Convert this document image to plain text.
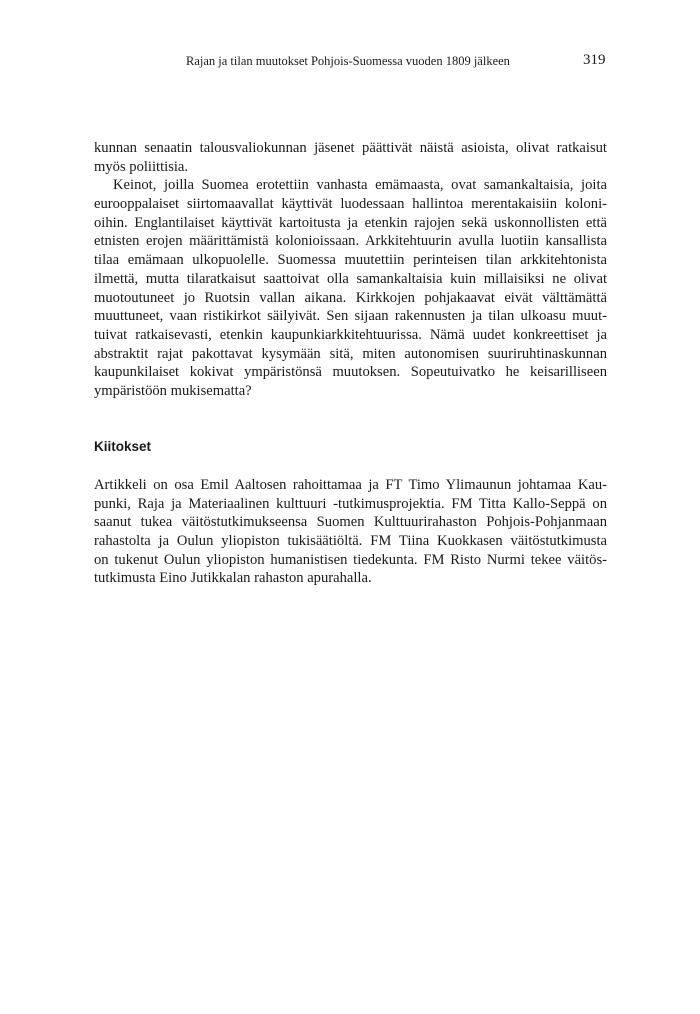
Rajan ja tilan muutokset Pohjois-Suomessa vuoden 1809 jälkeen	319
kunnan senaatin talousvaliokunnan jäsenet päättivät näistä asioista, olivat ratkaisut
myös poliittisia.
Keinot, joilla Suomea erotettiin vanhasta emämaasta, ovat samankaltaisia, joita
eurooppalaiset siirtomaavallat käyttivät luodessaan hallintoa merentakaisiin koloni-
oihin. Englantilaiset käyttivät kartoitusta ja etenkin rajojen sekä uskonnollisten että
etnisten erojen määrittämistä kolonioissaan. Arkkitehtuurin avulla luotiin kansallista
tilaa emämaan ulkopuolelle. Suomessa muutettiin perinteisen tilan arkkitehtonista
ilmettä, mutta tilaratkaisut saattoivat olla samankaltaisia kuin millaisiksi ne olivat
muotoutuneet jo Ruotsin vallan aikana. Kirkkojen pohjakaavat eivät välttämättä
muuttuneet, vaan ristikirkot säilyivät. Sen sijaan rakennusten ja tilan ulkoasu muut-
tuivat ratkaisevasti, etenkin kaupunkiarkkitehtuurissa. Nämä uudet konkreettiset ja
abstraktit rajat pakottavat kysymään sitä, miten autonomisen suuriruhtinaskunnan
kaupunkilaiset kokivat ympäristönsä muutoksen. Sopeutuivatko he keisarilliseen
ympäristöön mukisematta?
Kiitokset
Artikkeli on osa Emil Aaltosen rahoittamaa ja FT Timo Ylimaunun johtamaa Kau-
punki, Raja ja Materiaalinen kulttuuri -tutkimusprojektia. FM Titta Kallo-Seppä on
saanut tukea väitöstutkimukseensa Suomen Kulttuurirahaston Pohjois-Pohjanmaan
rahastolta ja Oulun yliopiston tukisäätiöltä. FM Tiina Kuokkasen väitöstutkimusta
on tukenut Oulun yliopiston humanistisen tiedekunta. FM Risto Nurmi tekee väitös-
tutkimusta Eino Jutikkalan rahaston apurahalla.
